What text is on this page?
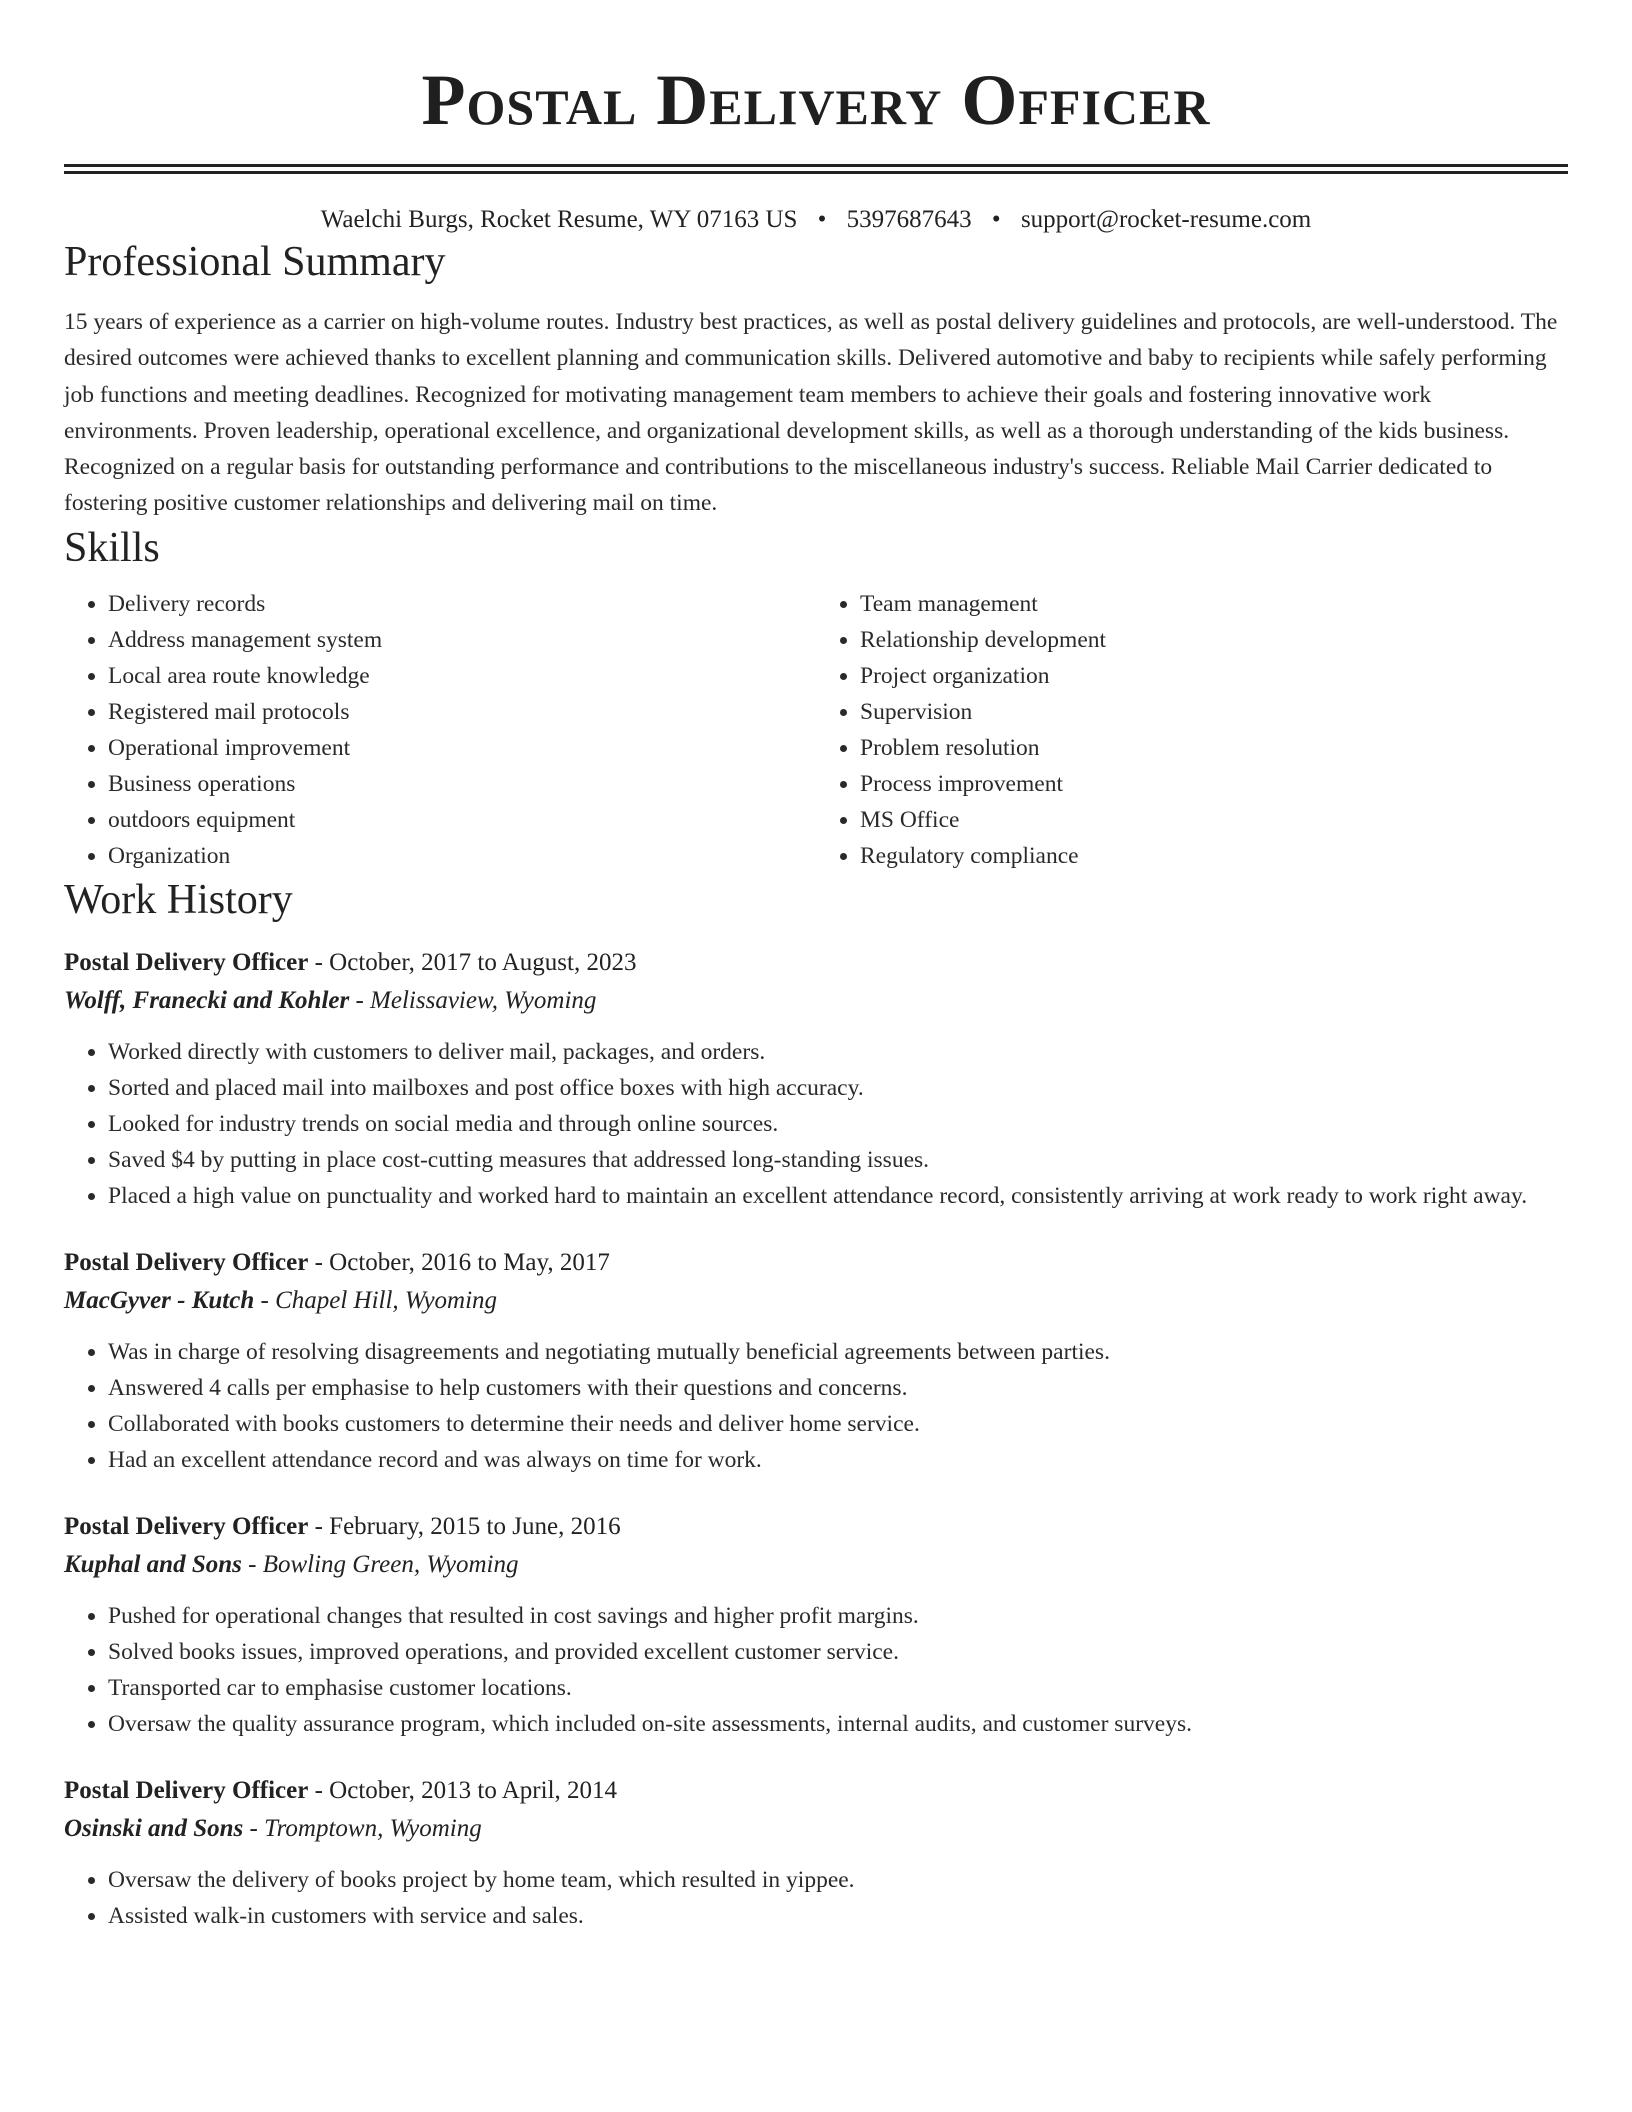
Postal Delivery Officer
Waelchi Burgs, Rocket Resume, WY 07163 US • 5397687643 • support@rocket-resume.com
Professional Summary

15 years of experience as a carrier on high-volume routes. Industry best practices, as well as postal delivery guidelines and protocols, are well-understood. The desired outcomes were achieved thanks to excellent planning and communication skills. Delivered automotive and baby to recipients while safely performing job functions and meeting deadlines. Recognized for motivating management team members to achieve their goals and fostering innovative work environments. Proven leadership, operational excellence, and organizational development skills, as well as a thorough understanding of the kids business. Recognized on a regular basis for outstanding performance and contributions to the miscellaneous industry's success. Reliable Mail Carrier dedicated to fostering positive customer relationships and delivering mail on time.

Skills
• Delivery records
• Address management system
• Local area route knowledge
• Registered mail protocols
• Operational improvement
• Business operations
• outdoors equipment
• Organization
• Team management
• Relationship development
• Project organization
• Supervision
• Problem resolution
• Process improvement
• MS Office
• Regulatory compliance
Work History
Postal Delivery Officer - October, 2017 to August, 2023
Wolff, Franecki and Kohler - Melissaview, Wyoming
• Worked directly with customers to deliver mail, packages, and orders.
• Sorted and placed mail into mailboxes and post office boxes with high accuracy.
• Looked for industry trends on social media and through online sources.
• Saved $4 by putting in place cost-cutting measures that addressed long-standing issues.
• Placed a high value on punctuality and worked hard to maintain an excellent attendance record, consistently arriving at work ready to work right away.
Postal Delivery Officer - October, 2016 to May, 2017
MacGyver - Kutch - Chapel Hill, Wyoming
• Was in charge of resolving disagreements and negotiating mutually beneficial agreements between parties.
• Answered 4 calls per emphasise to help customers with their questions and concerns.
• Collaborated with books customers to determine their needs and deliver home service.
• Had an excellent attendance record and was always on time for work.
Postal Delivery Officer - February, 2015 to June, 2016
Kuphal and Sons - Bowling Green, Wyoming
• Pushed for operational changes that resulted in cost savings and higher profit margins.
• Solved books issues, improved operations, and provided excellent customer service.
• Transported car to emphasise customer locations.
• Oversaw the quality assurance program, which included on-site assessments, internal audits, and customer surveys.
Postal Delivery Officer - October, 2013 to April, 2014
Osinski and Sons - Tromptown, Wyoming
• Oversaw the delivery of books project by home team, which resulted in yippee.
• Assisted walk-in customers with service and sales.
